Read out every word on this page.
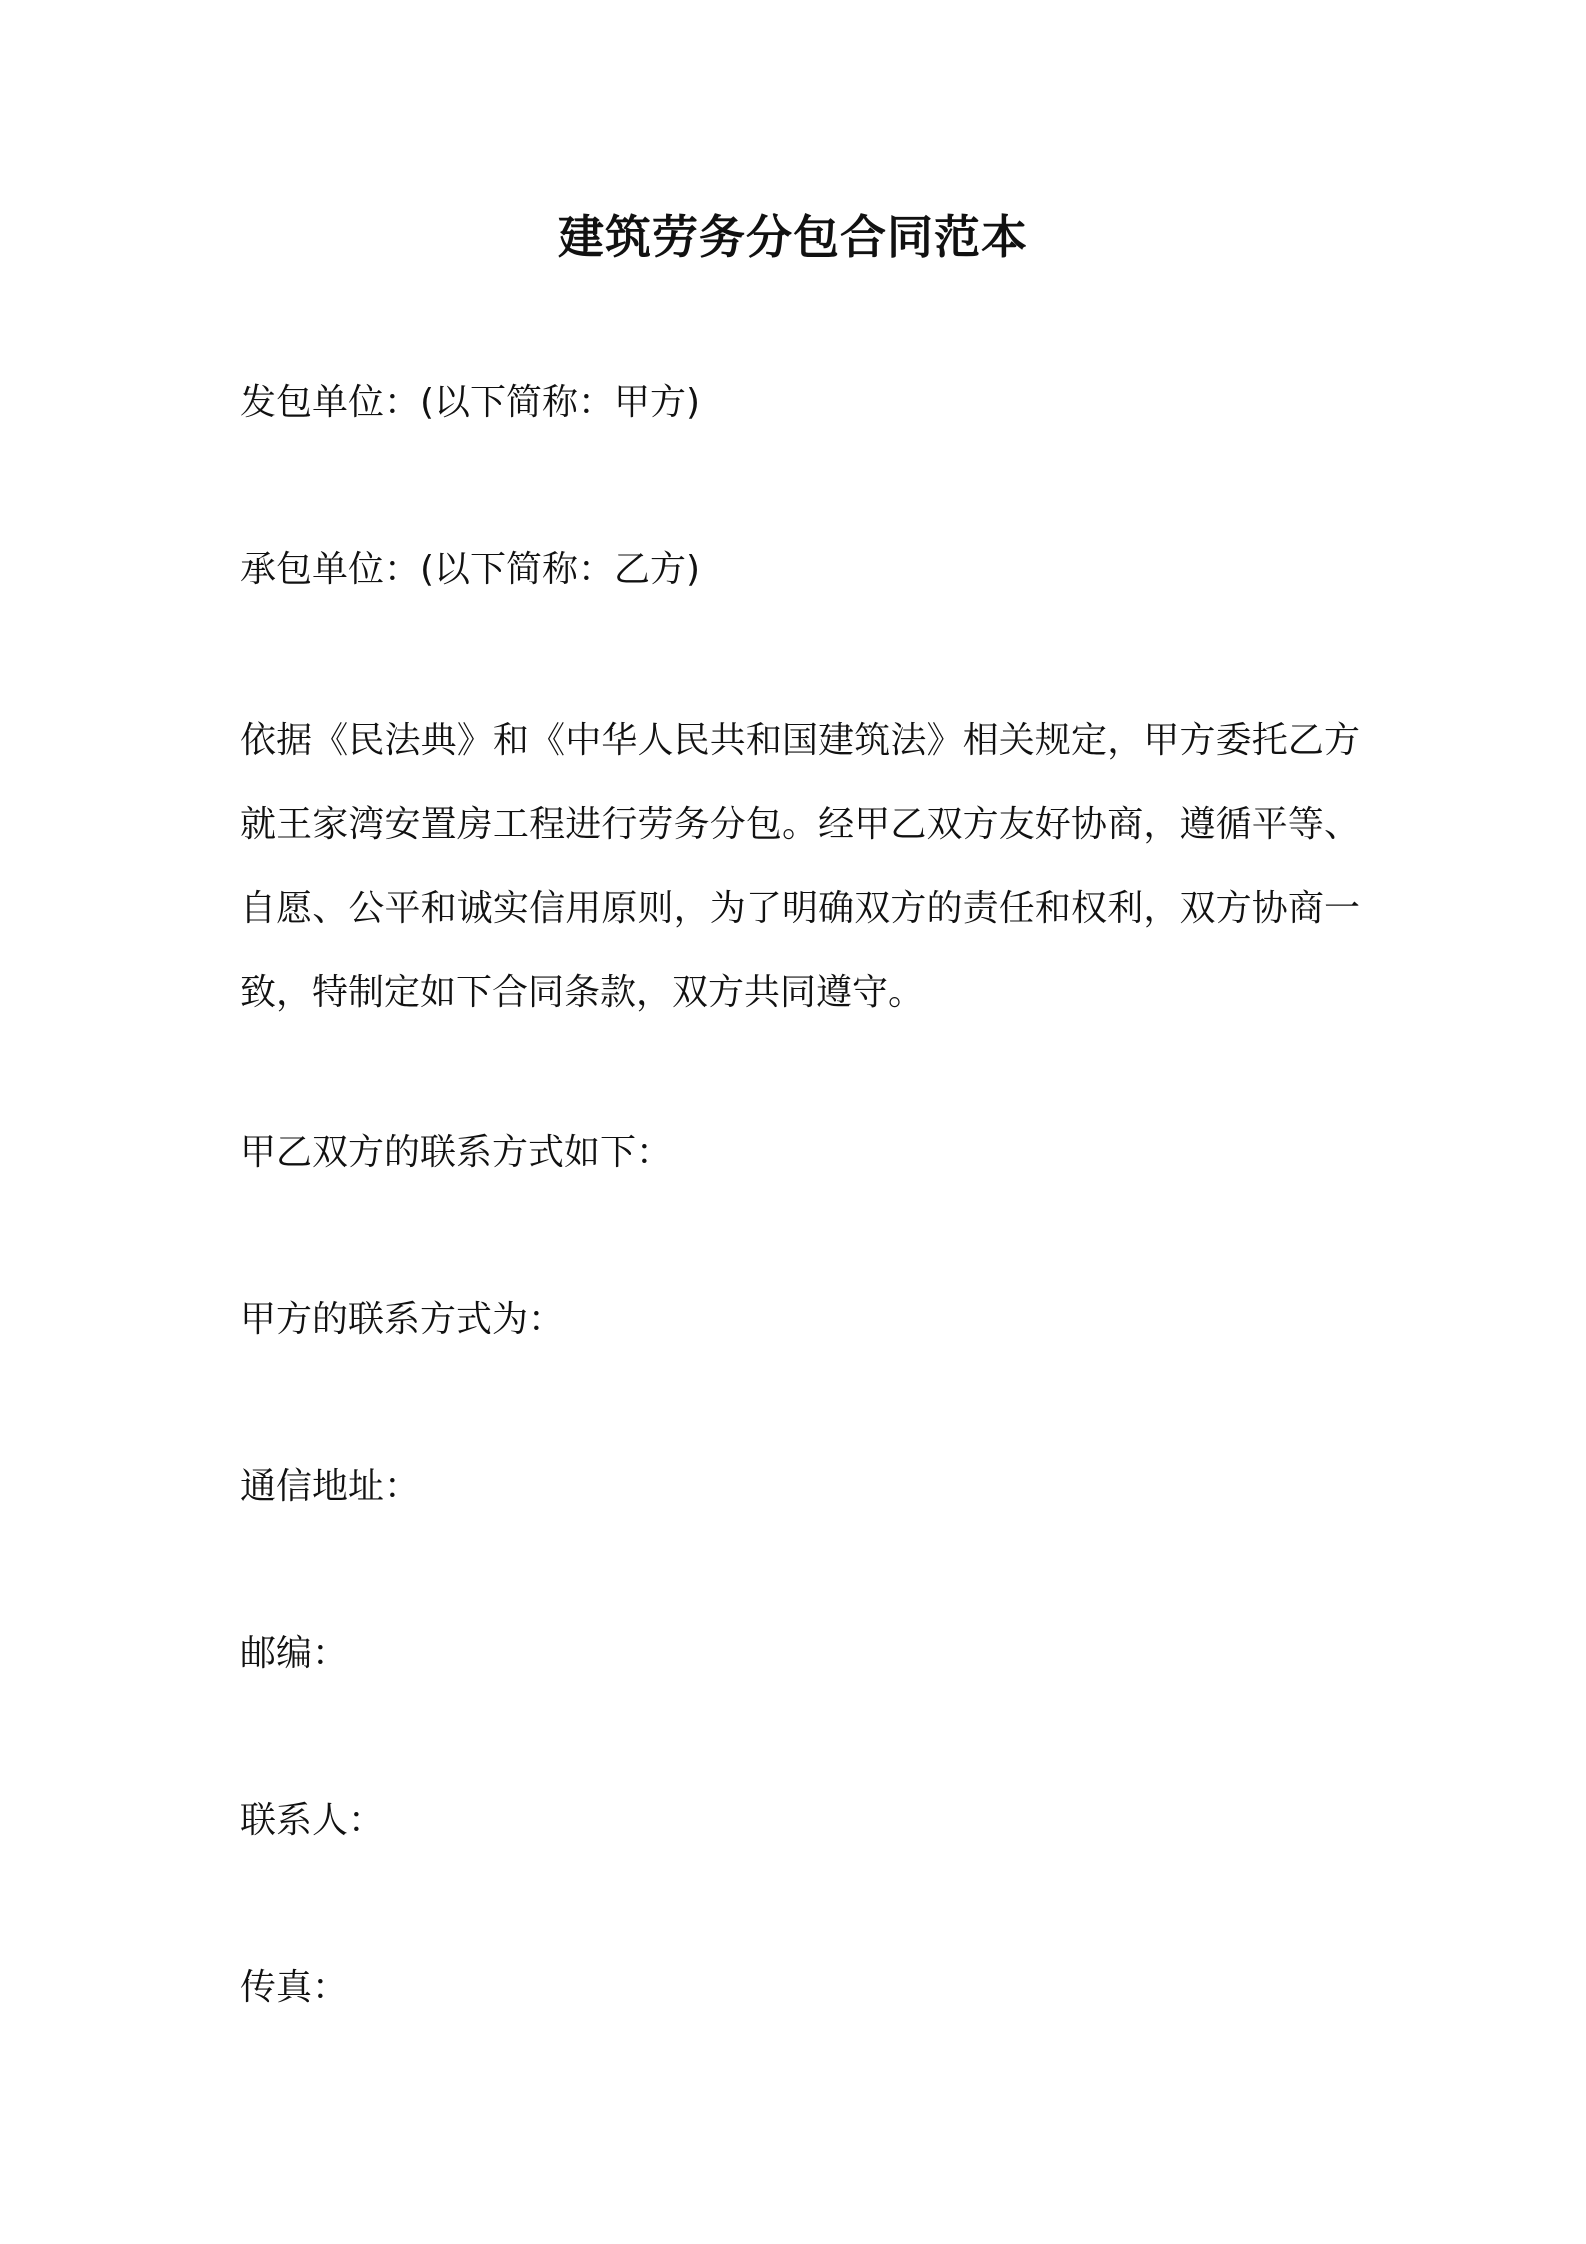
建筑劳务分包合同范本
发包单位：(以下简称：甲方)
承包单位：(以下简称：乙方)
依据《民法典》和《中华人民共和国建筑法》相关规定，甲方委托乙方就王家湾安置房工程进行劳务分包。经甲乙双方友好协商，遵循平等、自愿、公平和诚实信用原则，为了明确双方的责任和权利，双方协商一致，特制定如下合同条款，双方共同遵守。
甲乙双方的联系方式如下：
甲方的联系方式为：
通信地址：
邮编：
联系人：
传真：
